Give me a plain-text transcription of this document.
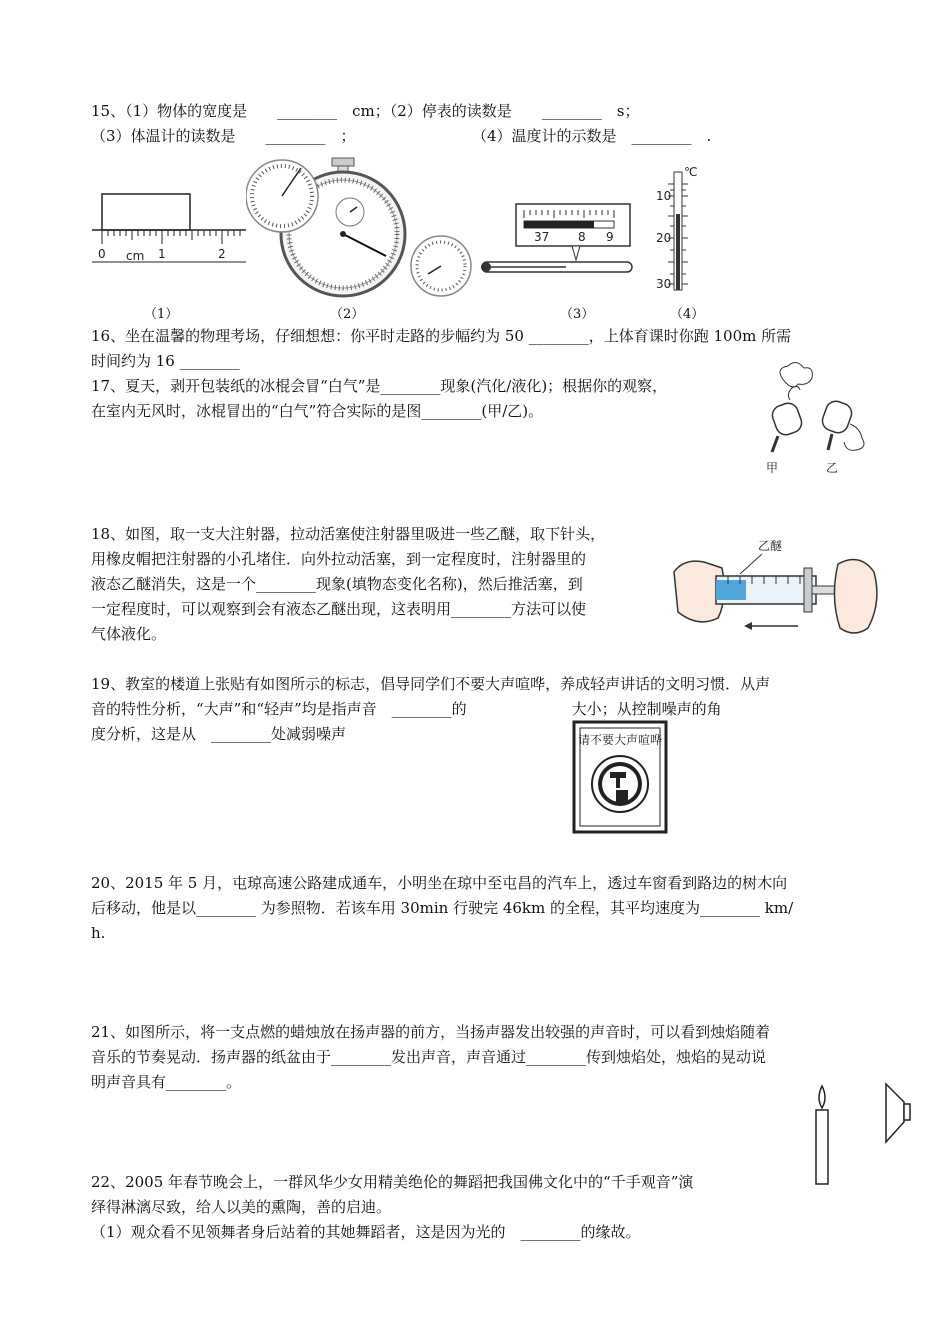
15、（1）物体的宽度是　　________　cm；（2）停表的读数是　　________　s；
（3）体温计的读数是　　________　；	（4）温度计的示数是　________　.
0 cm 1	2
37 8 9
℃
10
20
30
（1）	（2）	（3）	（4）
16、坐在温馨的物理考场，仔细想想：你平时走路的步幅约为 50 ________，上体育课时你跑 100m 所需
时间约为 16 ________
17、夏天，剥开包装纸的冰棍会冒“白气”是________现象(汽化/液化)；根据你的观察，
在室内无风时，冰棍冒出的“白气”符合实际的是图________(甲/乙)。
甲	乙
18、如图，取一支大注射器，拉动活塞使注射器里吸进一些乙醚，取下针头，
用橡皮帽把注射器的小孔堵住．向外拉动活塞，到一定程度时，注射器里的
液态乙醚消失，这是一个________现象(填物态变化名称)，然后推活塞，到
一定程度时，可以观察到会有液态乙醚出现，这表明用________方法可以使
气体液化。
乙醚
19、教室的楼道上张贴有如图所示的标志，倡导同学们不要大声喧哗，养成轻声讲话的文明习惯．从声
音的特性分析，“大声”和“轻声”均是指声音　________的　　　　　　　大小；从控制噪声的角
度分析，这是从　________处减弱噪声	请不要大声喧哗
20、2015 年 5 月，屯琼高速公路建成通车，小明坐在琼中至屯昌的汽车上，透过车窗看到路边的树木向
后移动，他是以________ 为参照物．若该车用 30min 行驶完 46km 的全程，其平均速度为________ km/
h.
21、如图所示，将一支点燃的蜡烛放在扬声器的前方，当扬声器发出较强的声音时，可以看到烛焰随着
音乐的节奏晃动．扬声器的纸盆由于________发出声音，声音通过________传到烛焰处，烛焰的晃动说
明声音具有________。
22、2005 年春节晚会上，一群风华少女用精美绝伦的舞蹈把我国佛文化中的“千手观音”演
绎得淋漓尽致，给人以美的熏陶，善的启迪。
（1）观众看不见领舞者身后站着的其她舞蹈者，这是因为光的　________的缘故。
